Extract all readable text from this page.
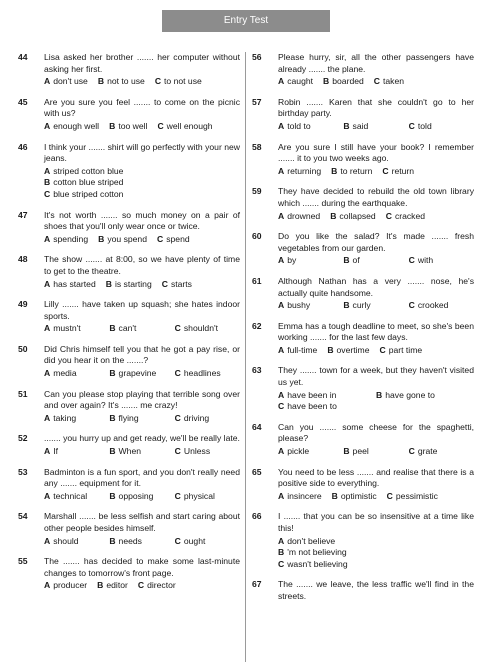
Entry Test
44	Lisa asked her brother ....... her computer without asking her first.
A don't use B not to use C to not use
45	Are you sure you feel ....... to come on the picnic with us?
A enough well B too well C well enough
46	I think your ....... shirt will go perfectly with your new jeans.
A striped cotton blue
B cotton blue striped
C blue striped cotton
47	It's not worth ....... so much money on a pair of shoes that you'll only wear once or twice.
A spending B you spend C spend
48	The show ....... at 8:00, so we have plenty of time to get to the theatre.
A has started B is starting C starts
49	Lilly ....... have taken up squash; she hates indoor sports.
A mustn't	B can't	C shouldn't
50	Did Chris himself tell you that he got a pay rise, or did you hear it on the .......?
A media	B grapevine	C headlines
51	Can you please stop playing that terrible song over and over again? It's ....... me crazy!
A taking	B flying	C driving
52	....... you hurry up and get ready, we'll be really late.
A If	B When	C Unless
53	Badminton is a fun sport, and you don't really need any ....... equipment for it.
A technical	B opposing	C physical
54	Marshall ....... be less selfish and start caring about other people besides himself.
A should	B needs	C ought
55	The ....... has decided to make some last-minute changes to tomorrow's front page.
A producer B editor C director
56	Please hurry, sir, all the other passengers have already ....... the plane.
A caught B boarded C taken
57	Robin ....... Karen that she couldn't go to her birthday party.
A told to	B said	C told
58	Are you sure I still have your book? I remember ....... it to you two weeks ago.
A returning B to return C return
59	They have decided to rebuild the old town library which ....... during the earthquake.
A drowned B collapsed C cracked
60	Do you like the salad? It's made ....... fresh vegetables from our garden.
A by	B of	C with
61	Although Nathan has a very ....... nose, he's actually quite handsome.
A bushy	B curly	C crooked
62	Emma has a tough deadline to meet, so she's been working ....... for the last few days.
A full-time B overtime C part time
63	They ....... town for a week, but they haven't visited us yet.
A have been in	B have gone to
C have been to
64	Can you ....... some cheese for the spaghetti, please?
A pickle	B peel	C grate
65	You need to be less ....... and realise that there is a positive side to everything.
A insincere B optimistic C pessimistic
66	I ....... that you can be so insensitive at a time like this!
A don't believe
B 'm not believing
C wasn't believing
67	The ....... we leave, the less traffic we'll find in the streets.
